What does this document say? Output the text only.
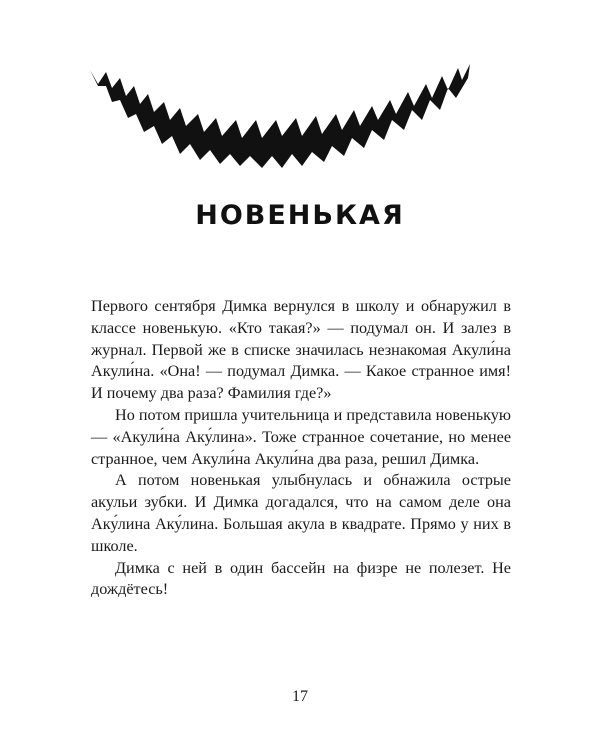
НОВЕНЬКАЯ

Первого сентября Димка вернулся в школу и обнаружил в классе новенькую. «Кто такая?» — подумал он. И залез в журнал. Первой же в списке значилась незнакомая Акули́на Акули́на. «Она! — подумал Димка. — Какое странное имя! И почему два раза? Фамилия где?»

Но потом пришла учительница и представила новенькую — «Акули́на Аку́лина». Тоже странное сочетание, но менее странное, чем Акули́на Акули́на два раза, решил Димка.

А потом новенькая улыбнулась и обнажила острые акульи зубки. И Димка догадался, что на самом деле она Аку́лина Аку́лина. Большая акула в квадрате. Прямо у них в школе.

Димка с ней в один бассейн на физре не полезет. Не дождётесь!

17
